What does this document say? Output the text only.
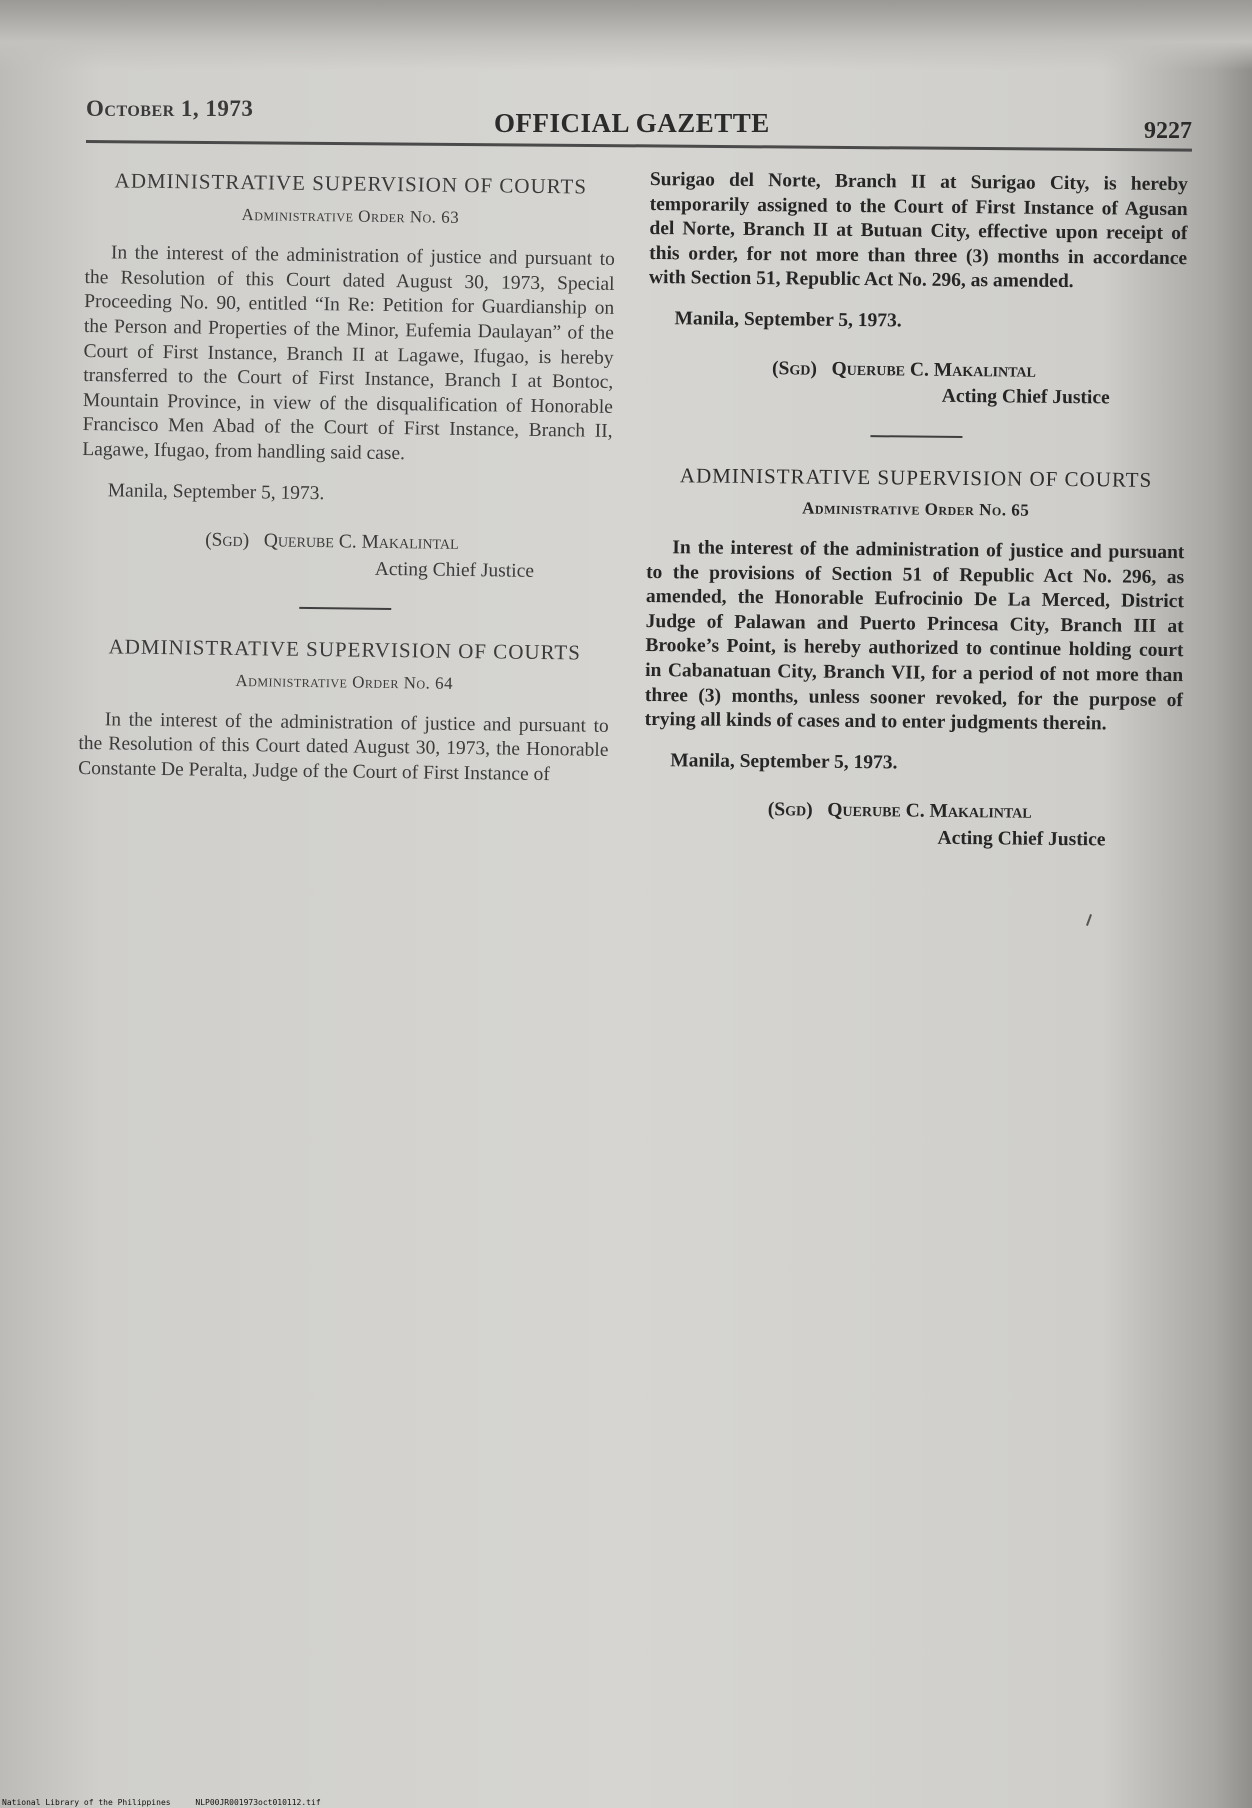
October 1, 1973	OFFICIAL GAZETTE	9227
ADMINISTRATIVE SUPERVISION OF COURTS
Administrative Order No. 63

In the interest of the administration of justice and pursuant to the Resolution of this Court dated August 30, 1973, Special Proceeding No. 90, entitled “In Re: Petition for Guardianship on the Person and Properties of the Minor, Eufemia Daulayan” of the Court of First Instance, Branch II at Lagawe, Ifugao, is hereby transferred to the Court of First Instance, Branch I at Bontoc, Mountain Province, in view of the disqualification of Honorable Francisco Men Abad of the Court of First Instance, Branch II, Lagawe, Ifugao, from handling said case.

Manila, September 5, 1973.

(Sgd)   Querube C. Makalintal
Acting Chief Justice
ADMINISTRATIVE SUPERVISION OF COURTS
Administrative Order No. 64

In the interest of the administration of justice and pursuant to the Resolution of this Court dated August 30, 1973, the Honorable Constante De Peralta, Judge of the Court of First Instance of

Surigao del Norte, Branch II at Surigao City, is hereby temporarily assigned to the Court of First Instance of Agusan del Norte, Branch II at Butuan City, effective upon receipt of this order, for not more than three (3) months in accordance with Section 51, Republic Act No. 296, as amended.

Manila, September 5, 1973.

(Sgd)   Querube C. Makalintal
Acting Chief Justice
ADMINISTRATIVE SUPERVISION OF COURTS
Administrative Order No. 65

In the interest of the administration of justice and pursuant to the provisions of Section 51 of Republic Act No. 296, as amended, the Honorable Eufrocinio De La Merced, District Judge of Palawan and Puerto Princesa City, Branch III at Brooke’s Point, is hereby authorized to continue holding court in Cabanatuan City, Branch VII, for a period of not more than three (3) months, unless sooner revoked, for the purpose of trying all kinds of cases and to enter judgments therein.

Manila, September 5, 1973.

(Sgd)   Querube C. Makalintal
Acting Chief Justice
National Library of the Philippines	NLP00JR001973oct010112.tif
